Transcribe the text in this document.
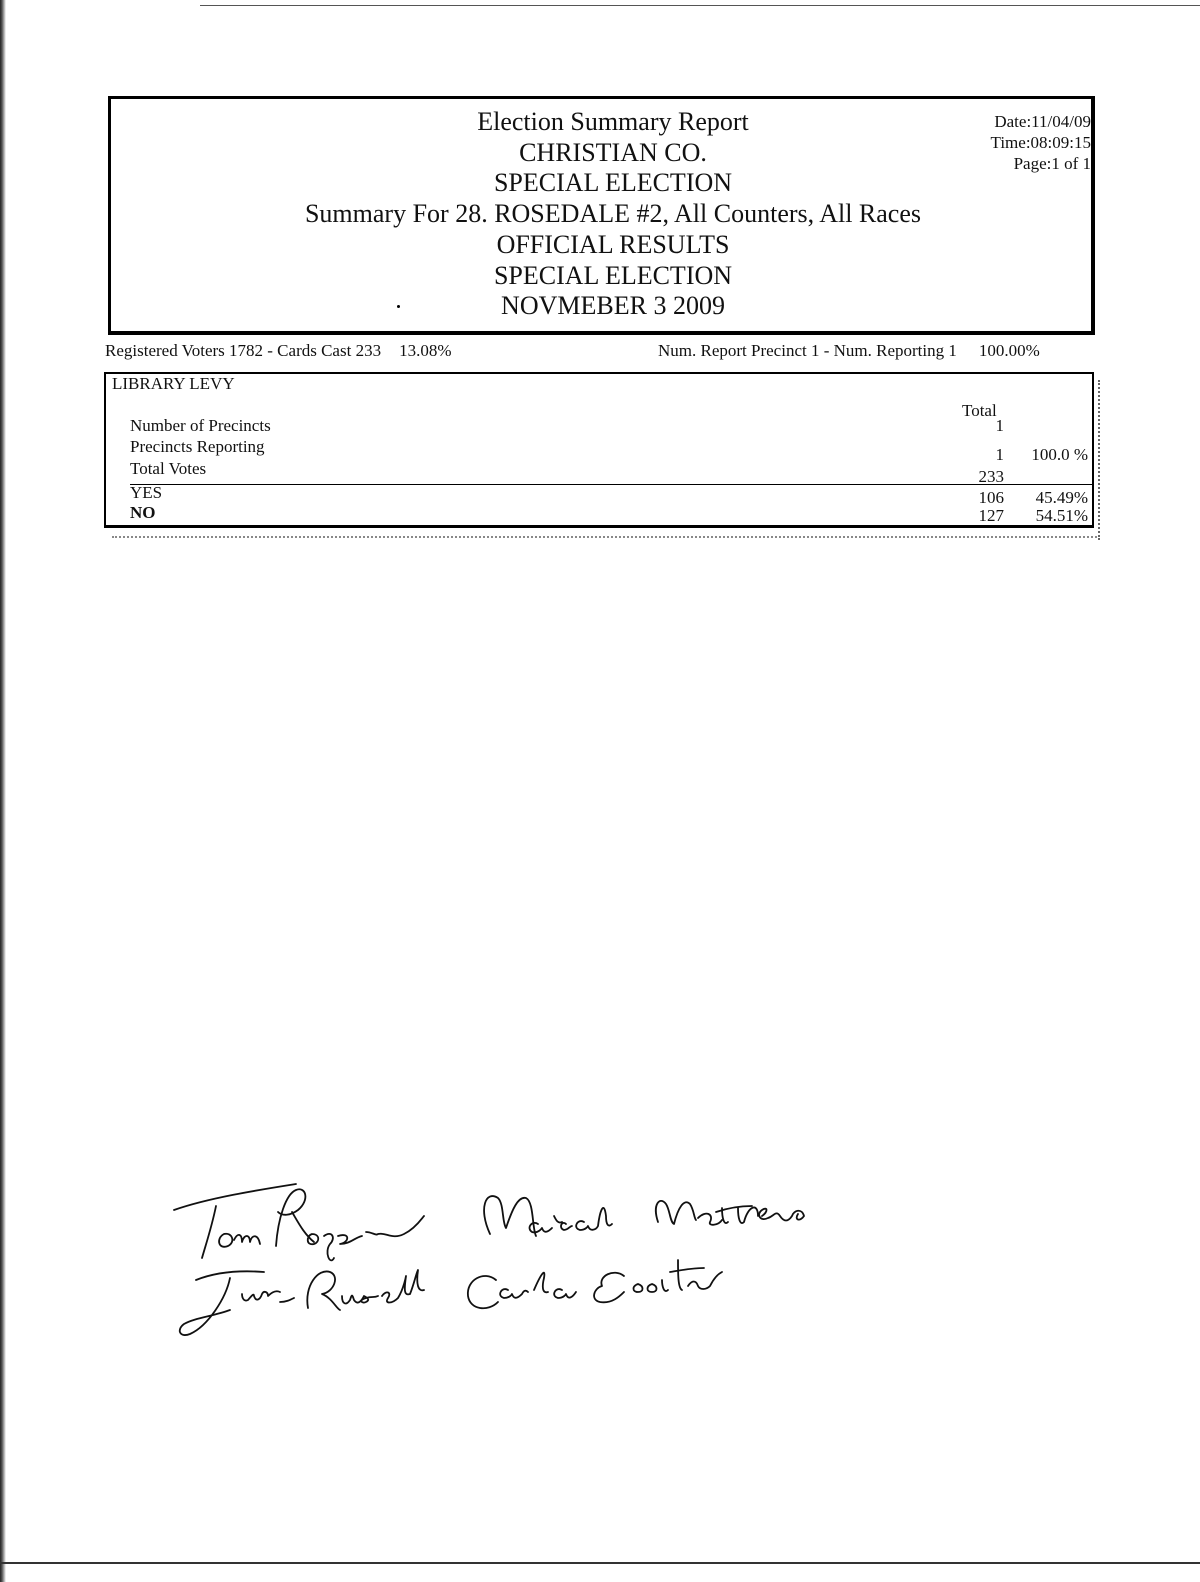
Election Summary Report
CHRISTIAN CO.
SPECIAL ELECTION
Summary For 28. ROSEDALE #2, All Counters, All Races
OFFICIAL RESULTS
SPECIAL ELECTION
NOVMEBER 3 2009
Date:11/04/09
Time:08:09:15
Page:1 of 1
Registered Voters 1782 - Cards Cast 233 13.08%	Num. Report Precinct 1 - Num. Reporting 1 100.00%
LIBRARY LEVY
Total
Number of Precincts	1
Precincts Reporting	1 100.0 %
Total Votes	233
YES	106 45.49%
NO	127 54.51%
